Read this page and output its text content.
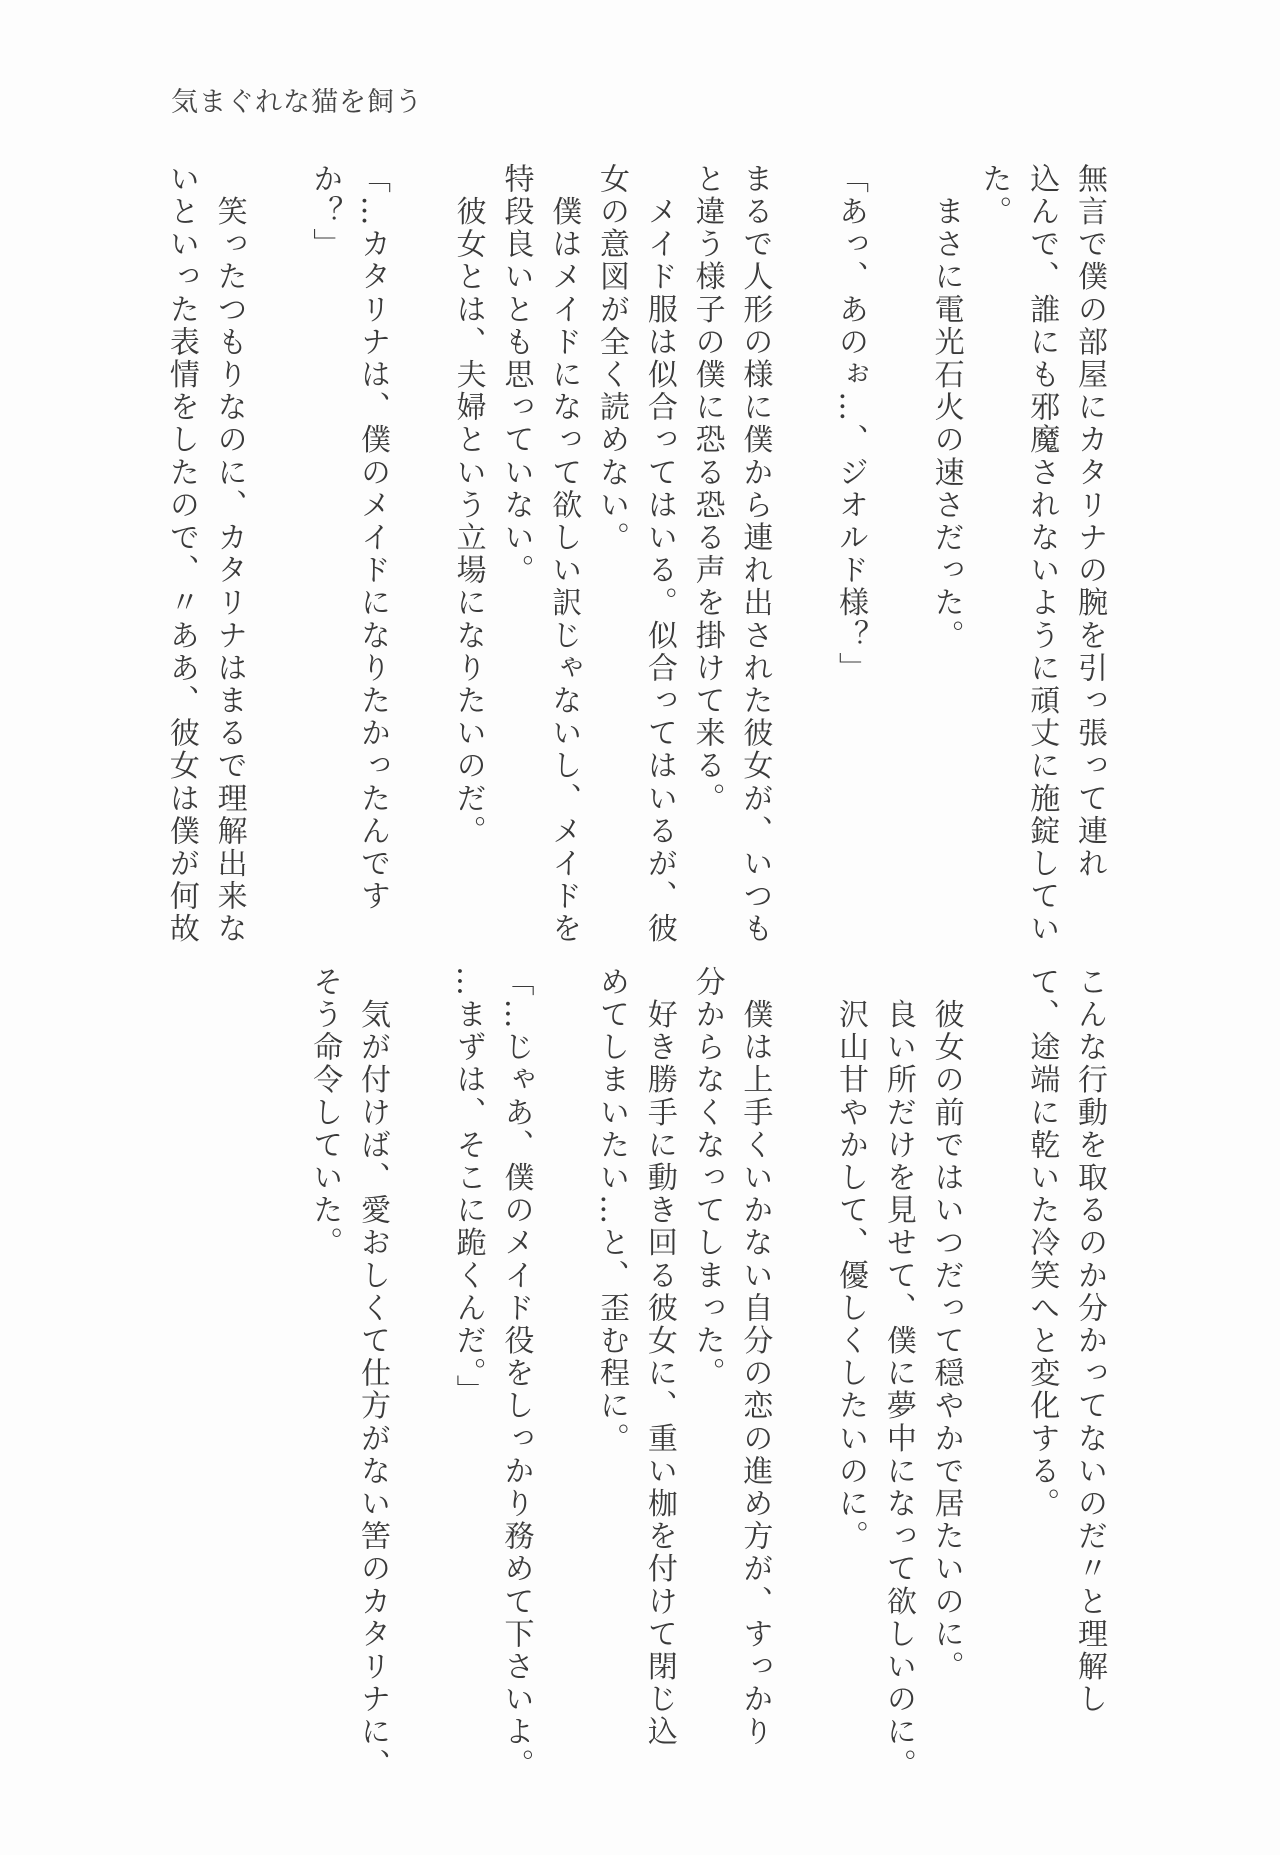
気まぐれな猫を飼う
無言で僕の部屋にカタリナの腕を引っ張って連れ
込んで、誰にも邪魔されないように頑丈に施錠してい
た。
　まさに電光石火の速さだった。
「あっ、あのぉ…、ジオルド様？」
まるで人形の様に僕から連れ出された彼女が、いつも
と違う様子の僕に恐る恐る声を掛けて来る。
　メイド服は似合ってはいる。似合ってはいるが、彼
女の意図が全く読めない。
　僕はメイドになって欲しい訳じゃないし、メイドを
特段良いとも思っていない。
　彼女とは、夫婦という立場になりたいのだ。
「…カタリナは、僕のメイドになりたかったんです
か？」
　笑ったつもりなのに、カタリナはまるで理解出来な
いといった表情をしたので、〃ああ、彼女は僕が何故
こんな行動を取るのか分かってないのだ〃と理解し
て、途端に乾いた冷笑へと変化する。
　彼女の前ではいつだって穏やかで居たいのに。
　良い所だけを見せて、僕に夢中になって欲しいのに。
　沢山甘やかして、優しくしたいのに。
　僕は上手くいかない自分の恋の進め方が、すっかり
分からなくなってしまった。
　好き勝手に動き回る彼女に、重い枷を付けて閉じ込
めてしまいたい…と、歪む程に。
「…じゃあ、僕のメイド役をしっかり務めて下さいよ。
…まずは、そこに跪くんだ。」
　気が付けば、愛おしくて仕方がない筈のカタリナに、
そう命令していた。
